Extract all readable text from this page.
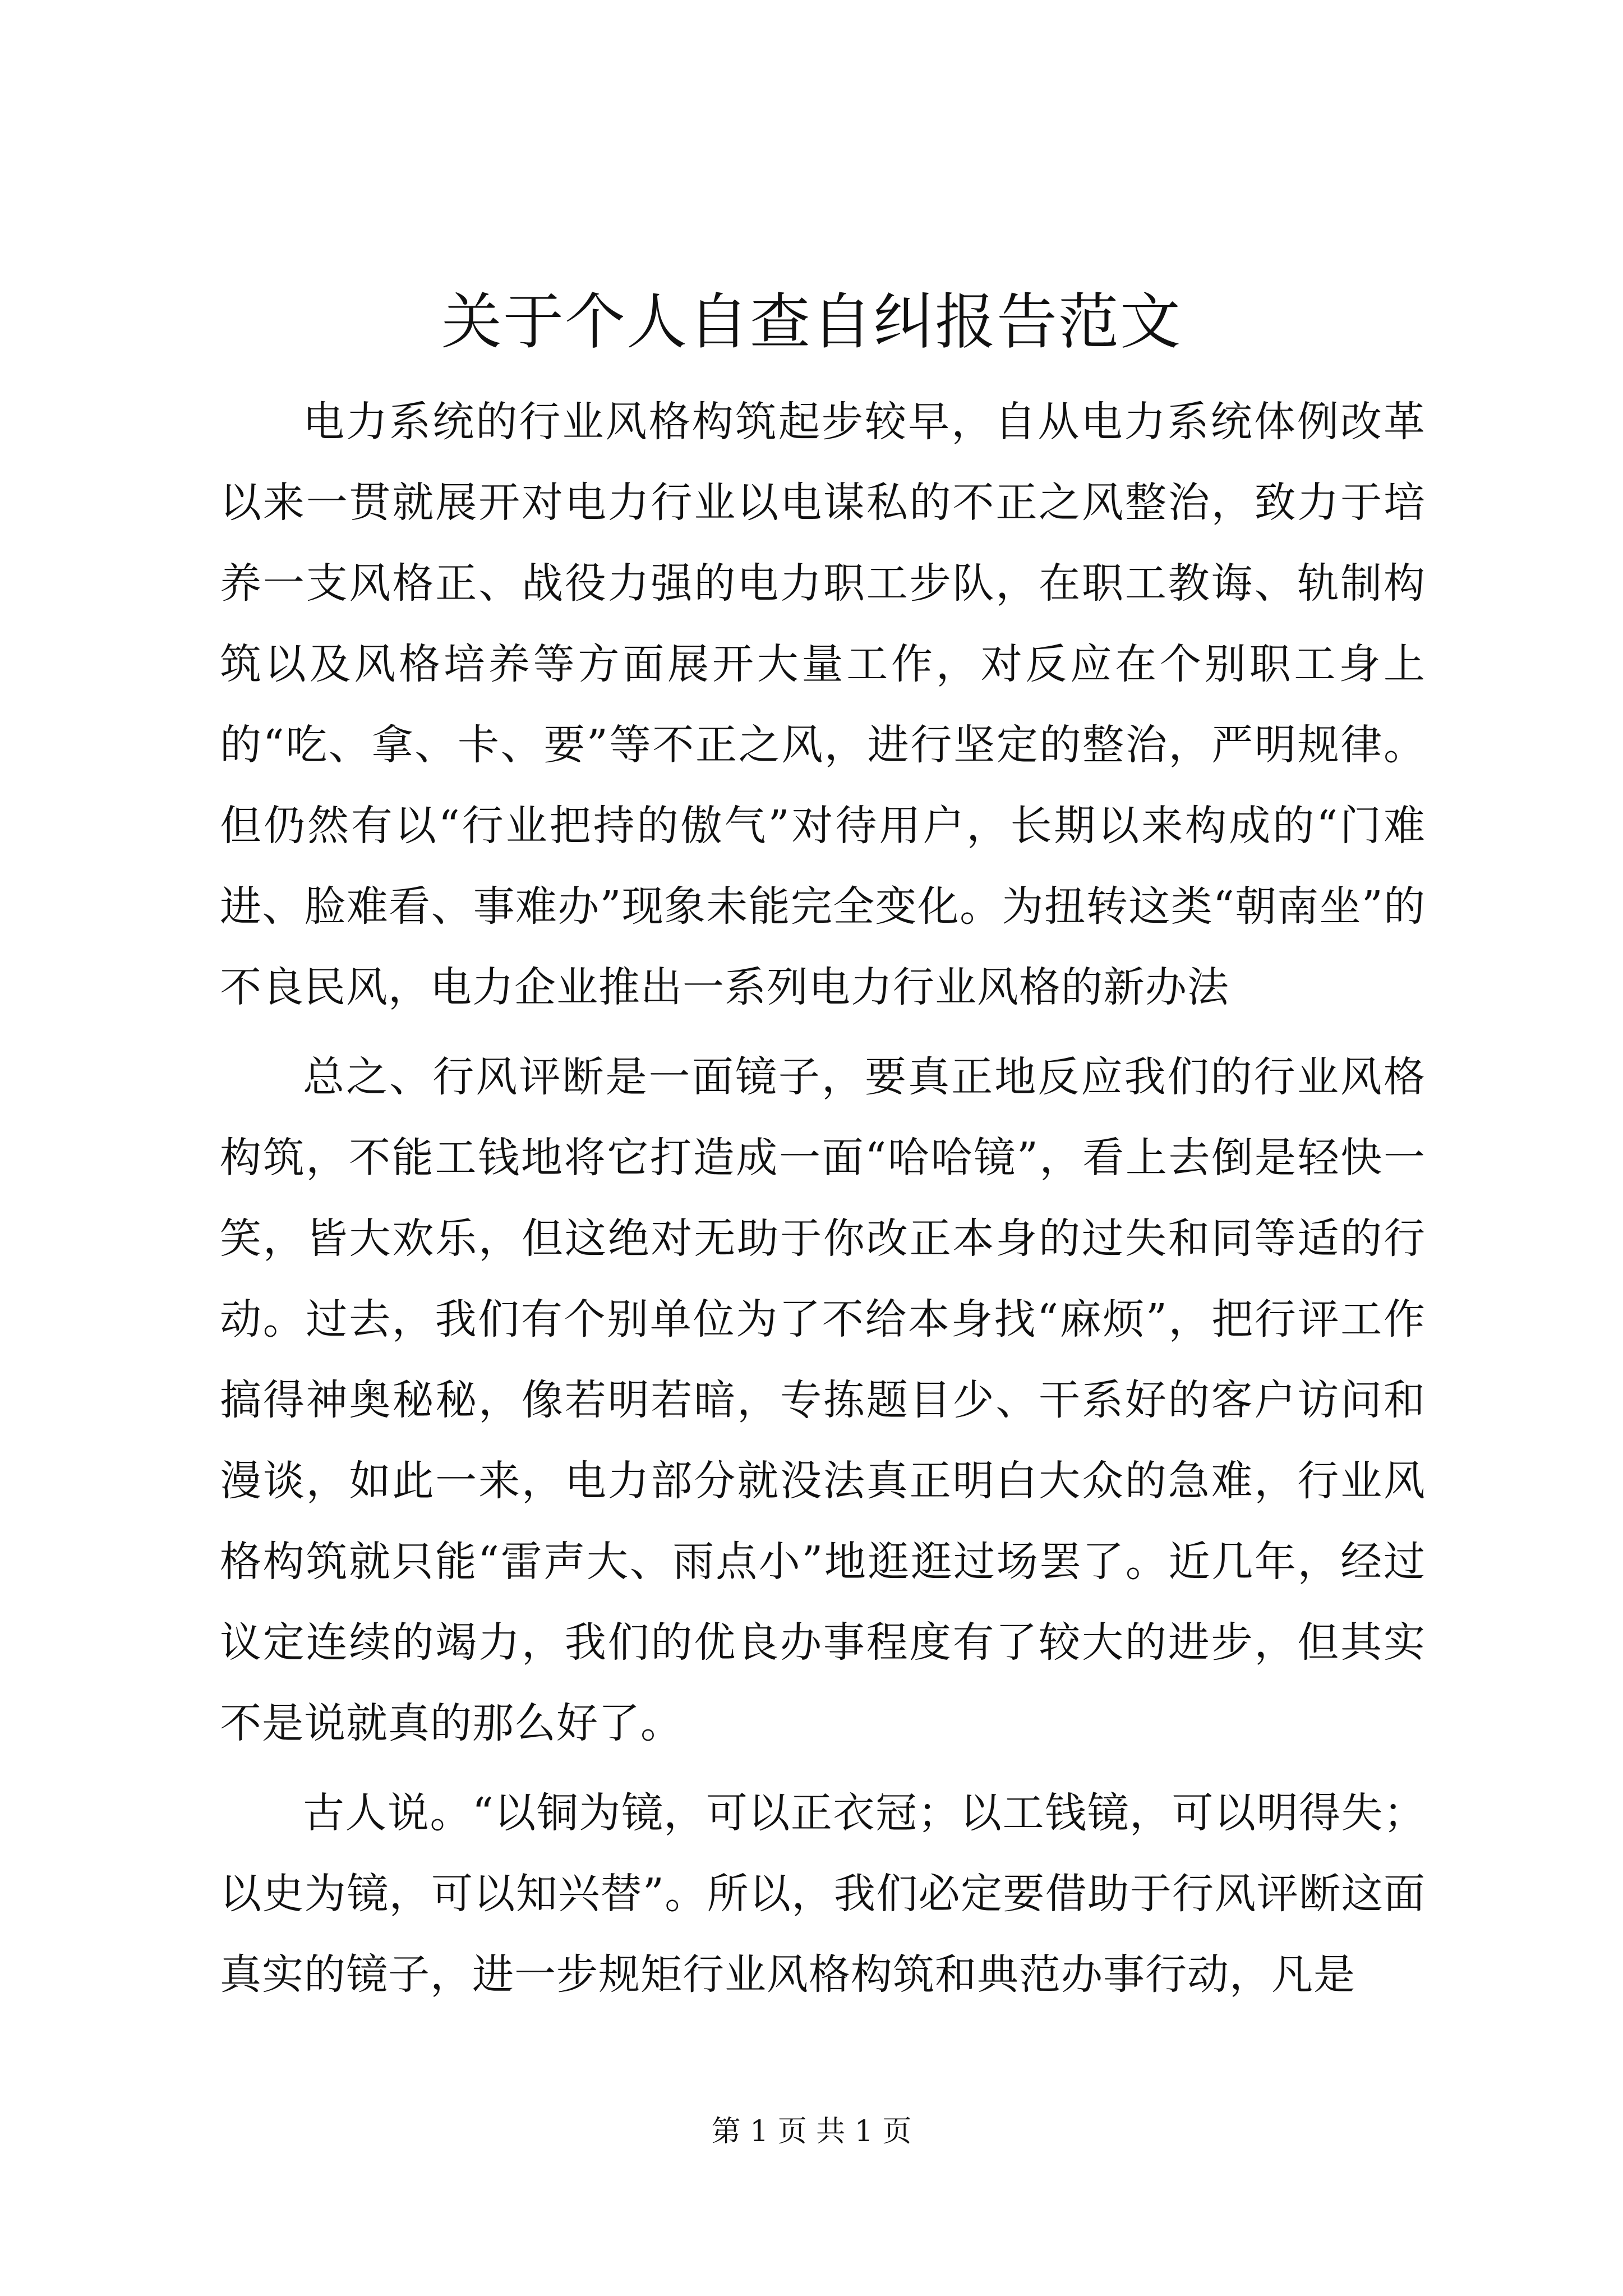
关于个人自查自纠报告范文

电力系统的行业风格构筑起步较早，自从电力系统体例改革以来一贯就展开对电力行业以电谋私的不正之风整治，致力于培养一支风格正、战役力强的电力职工步队，在职工教诲、轨制构筑以及风格培养等方面展开大量工作，对反应在个别职工身上的“吃、拿、卡、要”等不正之风，进行坚定的整治，严明规律。但仍然有以“行业把持的傲气”对待用户，长期以来构成的“门难进、脸难看、事难办”现象未能完全变化。为扭转这类“朝南坐”的不良民风，电力企业推出一系列电力行业风格的新办法

总之、行风评断是一面镜子，要真正地反应我们的行业风格构筑，不能工钱地将它打造成一面“哈哈镜”，看上去倒是轻快一笑，皆大欢乐，但这绝对无助于你改正本身的过失和同等适的行动。过去，我们有个别单位为了不给本身找“麻烦”，把行评工作搞得神奥秘秘，像若明若暗，专拣题目少、干系好的客户访问和漫谈，如此一来，电力部分就没法真正明白大众的急难，行业风格构筑就只能“雷声大、雨点小”地逛逛过场罢了。近几年，经过议定连续的竭力，我们的优良办事程度有了较大的进步，但其实不是说就真的那么好了。

古人说。“以铜为镜，可以正衣冠；以工钱镜，可以明得失；以史为镜，可以知兴替”。所以，我们必定要借助于行风评断这面真实的镜子，进一步规矩行业风格构筑和典范办事行动，凡是

第 1 页 共 1 页
